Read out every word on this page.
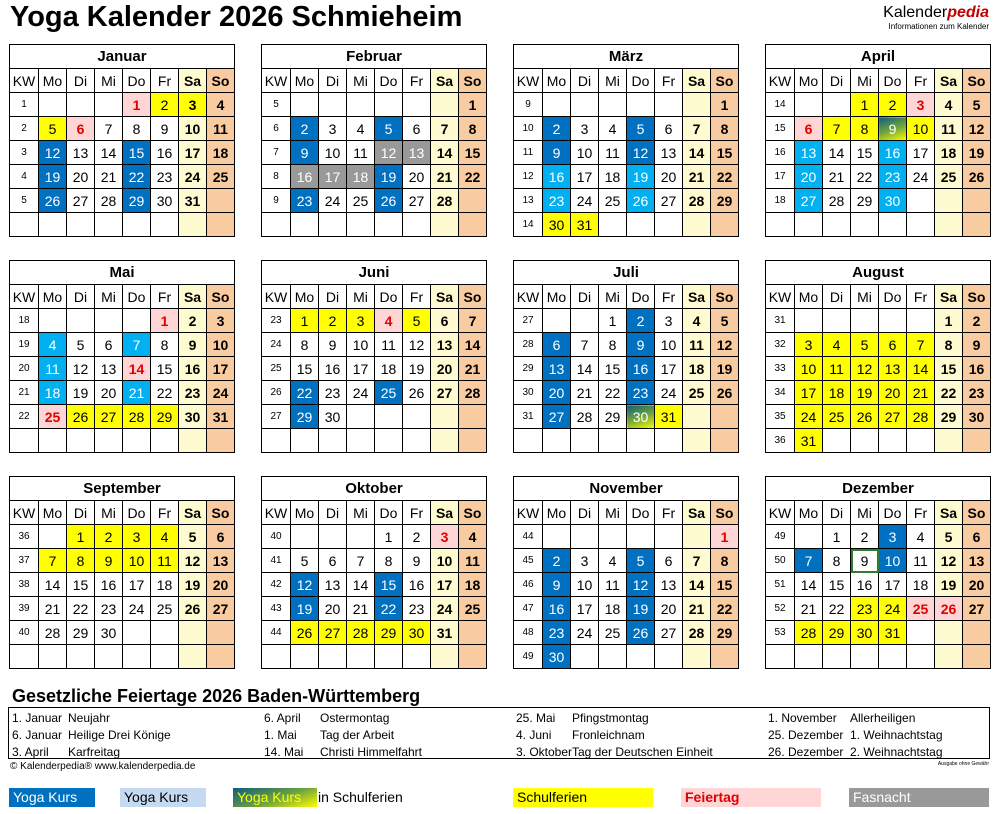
Yoga Kalender 2026 Schmieheim	Kalenderpedia
Informationen zum Kalender
Januar
KW	Mo	Di	Mi	Do	Fr	Sa	So
1				1	2	3	4
2	5	6	7	8	9	10	11
3	12	13	14	15	16	17	18
4	19	20	21	22	23	24	25
5	26	27	28	29	30	31	

Februar
KW	Mo	Di	Mi	Do	Fr	Sa	So
5							1
6	2	3	4	5	6	7	8
7	9	10	11	12	13	14	15
8	16	17	18	19	20	21	22
9	23	24	25	26	27	28	

März
KW	Mo	Di	Mi	Do	Fr	Sa	So
9							1
10	2	3	4	5	6	7	8
11	9	10	11	12	13	14	15
12	16	17	18	19	20	21	22
13	23	24	25	26	27	28	29
14	30	31					
April
KW	Mo	Di	Mi	Do	Fr	Sa	So
14			1	2	3	4	5
15	6	7	8	9	10	11	12
16	13	14	15	16	17	18	19
17	20	21	22	23	24	25	26
18	27	28	29	30			

Mai
KW	Mo	Di	Mi	Do	Fr	Sa	So
18					1	2	3
19	4	5	6	7	8	9	10
20	11	12	13	14	15	16	17
21	18	19	20	21	22	23	24
22	25	26	27	28	29	30	31

Juni
KW	Mo	Di	Mi	Do	Fr	Sa	So
23	1	2	3	4	5	6	7
24	8	9	10	11	12	13	14
25	15	16	17	18	19	20	21
26	22	23	24	25	26	27	28
27	29	30					

Juli
KW	Mo	Di	Mi	Do	Fr	Sa	So
27			1	2	3	4	5
28	6	7	8	9	10	11	12
29	13	14	15	16	17	18	19
30	20	21	22	23	24	25	26
31	27	28	29	30	31		

August
KW	Mo	Di	Mi	Do	Fr	Sa	So
31						1	2
32	3	4	5	6	7	8	9
33	10	11	12	13	14	15	16
34	17	18	19	20	21	22	23
35	24	25	26	27	28	29	30
36	31						
September
KW	Mo	Di	Mi	Do	Fr	Sa	So
36		1	2	3	4	5	6
37	7	8	9	10	11	12	13
38	14	15	16	17	18	19	20
39	21	22	23	24	25	26	27
40	28	29	30				

Oktober
KW	Mo	Di	Mi	Do	Fr	Sa	So
40				1	2	3	4
41	5	6	7	8	9	10	11
42	12	13	14	15	16	17	18
43	19	20	21	22	23	24	25
44	26	27	28	29	30	31	

November
KW	Mo	Di	Mi	Do	Fr	Sa	So
44							1
45	2	3	4	5	6	7	8
46	9	10	11	12	13	14	15
47	16	17	18	19	20	21	22
48	23	24	25	26	27	28	29
49	30						
Dezember
KW	Mo	Di	Mi	Do	Fr	Sa	So
49		1	2	3	4	5	6
50	7	8	9	10	11	12	13
51	14	15	16	17	18	19	20
52	21	22	23	24	25	26	27
53	28	29	30	31			

Gesetzliche Feiertage 2026 Baden-Württemberg
1. Januar Neujahr
6. Januar Heilige Drei Könige
3. April Karfreitag
6. April Ostermontag
1. Mai Tag der Arbeit
14. Mai Christi Himmelfahrt
25. Mai Pfingstmontag
4. Juni Fronleichnam
3. OktoberTag der Deutschen Einheit
1. November Allerheiligen
25. Dezember 1. Weihnachtstag
26. Dezember 2. Weihnachtstag
© Kalenderpedia® www.kalenderpedia.de	Ausgabe ohne Gewähr
Yoga Kurs	Yoga Kurs	Yoga Kurs	in Schulferien	Schulferien	Feiertag	Fasnacht
